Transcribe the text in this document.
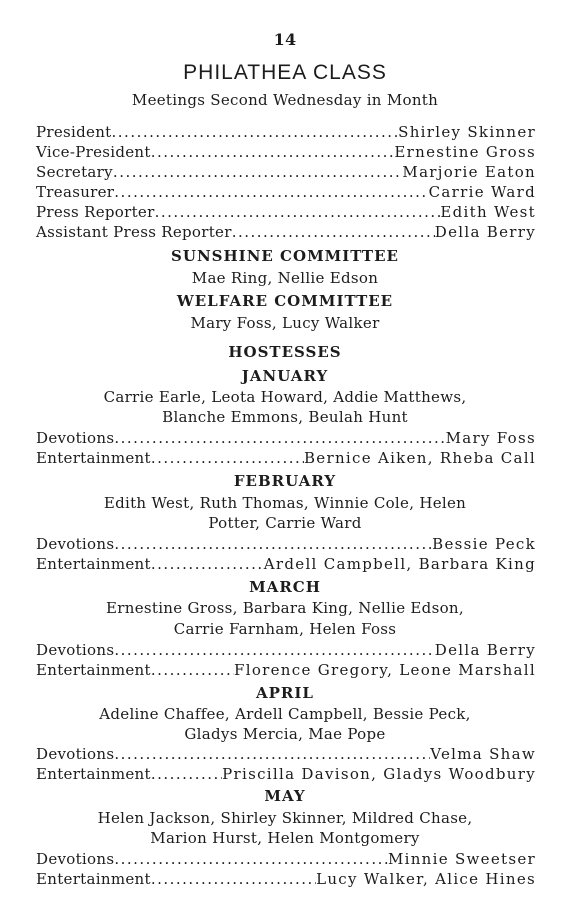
14
PHILATHEA CLASS
Meetings Second Wednesday in Month
President .....	Shirley Skinner
Vice-President .....	Ernestine Gross
Secretary .....	Marjorie Eaton
Treasurer .....	Carrie Ward
Press Reporter .....	Edith West
Assistant Press Reporter .....	Della Berry
SUNSHINE COMMITTEE
Mae Ring, Nellie Edson
WELFARE COMMITTEE
Mary Foss, Lucy Walker
HOSTESSES
JANUARY
Carrie Earle, Leota Howard, Addie Matthews,
Blanche Emmons, Beulah Hunt
Devotions .....	Mary Foss
Entertainment .....	Bernice Aiken, Rheba Call
FEBRUARY
Edith West, Ruth Thomas, Winnie Cole, Helen
Potter, Carrie Ward
Devotions .....	Bessie Peck
Entertainment .....	Ardell Campbell, Barbara King
MARCH
Ernestine Gross, Barbara King, Nellie Edson,
Carrie Farnham, Helen Foss
Devotions .....	Della Berry
Entertainment .....	Florence Gregory, Leone Marshall
APRIL
Adeline Chaffee, Ardell Campbell, Bessie Peck,
Gladys Mercia, Mae Pope
Devotions .....	Velma Shaw
Entertainment .....	Priscilla Davison, Gladys Woodbury
MAY
Helen Jackson, Shirley Skinner, Mildred Chase,
Marion Hurst, Helen Montgomery
Devotions .....	Minnie Sweetser
Entertainment .....	Lucy Walker, Alice Hines
